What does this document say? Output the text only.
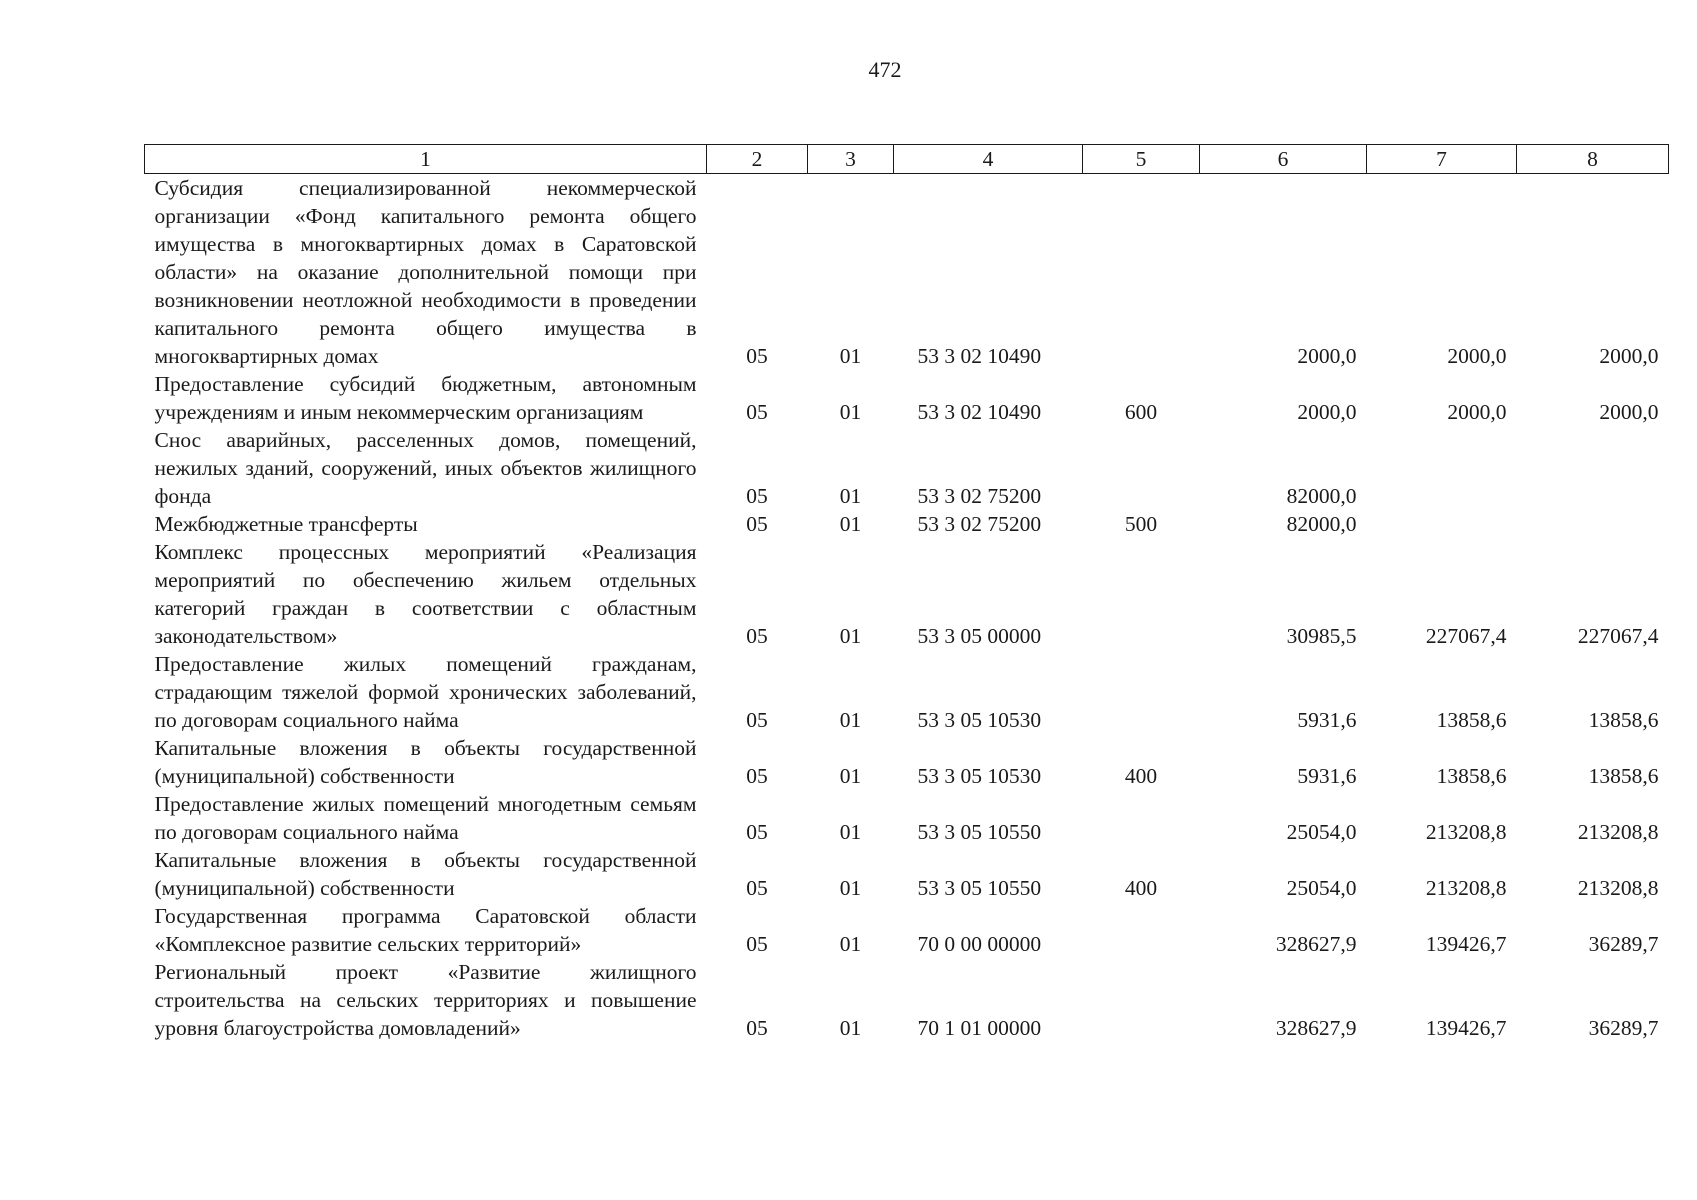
472
1	2	3	4	5	6	7	8
Субсидия специализированной некоммерческой организации «Фонд капитального ремонта общего имущества в многоквартирных домах в Саратовской области» на оказание дополнительной помощи при возникновении неотложной необходимости в проведении капитального ремонта общего имущества в многоквартирных домах	05	01	53 3 02 10490		2000,0	2000,0	2000,0
Предоставление субсидий бюджетным, автономным учреждениям и иным некоммерческим организациям	05	01	53 3 02 10490	600	2000,0	2000,0	2000,0
Снос аварийных, расселенных домов, помещений, нежилых зданий, сооружений, иных объектов жилищного фонда	05	01	53 3 02 75200		82000,0		
Межбюджетные трансферты	05	01	53 3 02 75200	500	82000,0		
Комплекс процессных мероприятий «Реализация мероприятий по обеспечению жильем отдельных категорий граждан в соответствии с областным законодательством»	05	01	53 3 05 00000		30985,5	227067,4	227067,4
Предоставление жилых помещений гражданам, страдающим тяжелой формой хронических заболеваний, по договорам социального найма	05	01	53 3 05 10530		5931,6	13858,6	13858,6
Капитальные вложения в объекты государственной (муниципальной) собственности	05	01	53 3 05 10530	400	5931,6	13858,6	13858,6
Предоставление жилых помещений многодетным семьям по договорам социального найма	05	01	53 3 05 10550		25054,0	213208,8	213208,8
Капитальные вложения в объекты государственной (муниципальной) собственности	05	01	53 3 05 10550	400	25054,0	213208,8	213208,8
Государственная программа Саратовской области «Комплексное развитие сельских территорий»	05	01	70 0 00 00000		328627,9	139426,7	36289,7
Региональный проект «Развитие жилищного строительства на сельских территориях и повышение уровня благоустройства домовладений»	05	01	70 1 01 00000		328627,9	139426,7	36289,7
